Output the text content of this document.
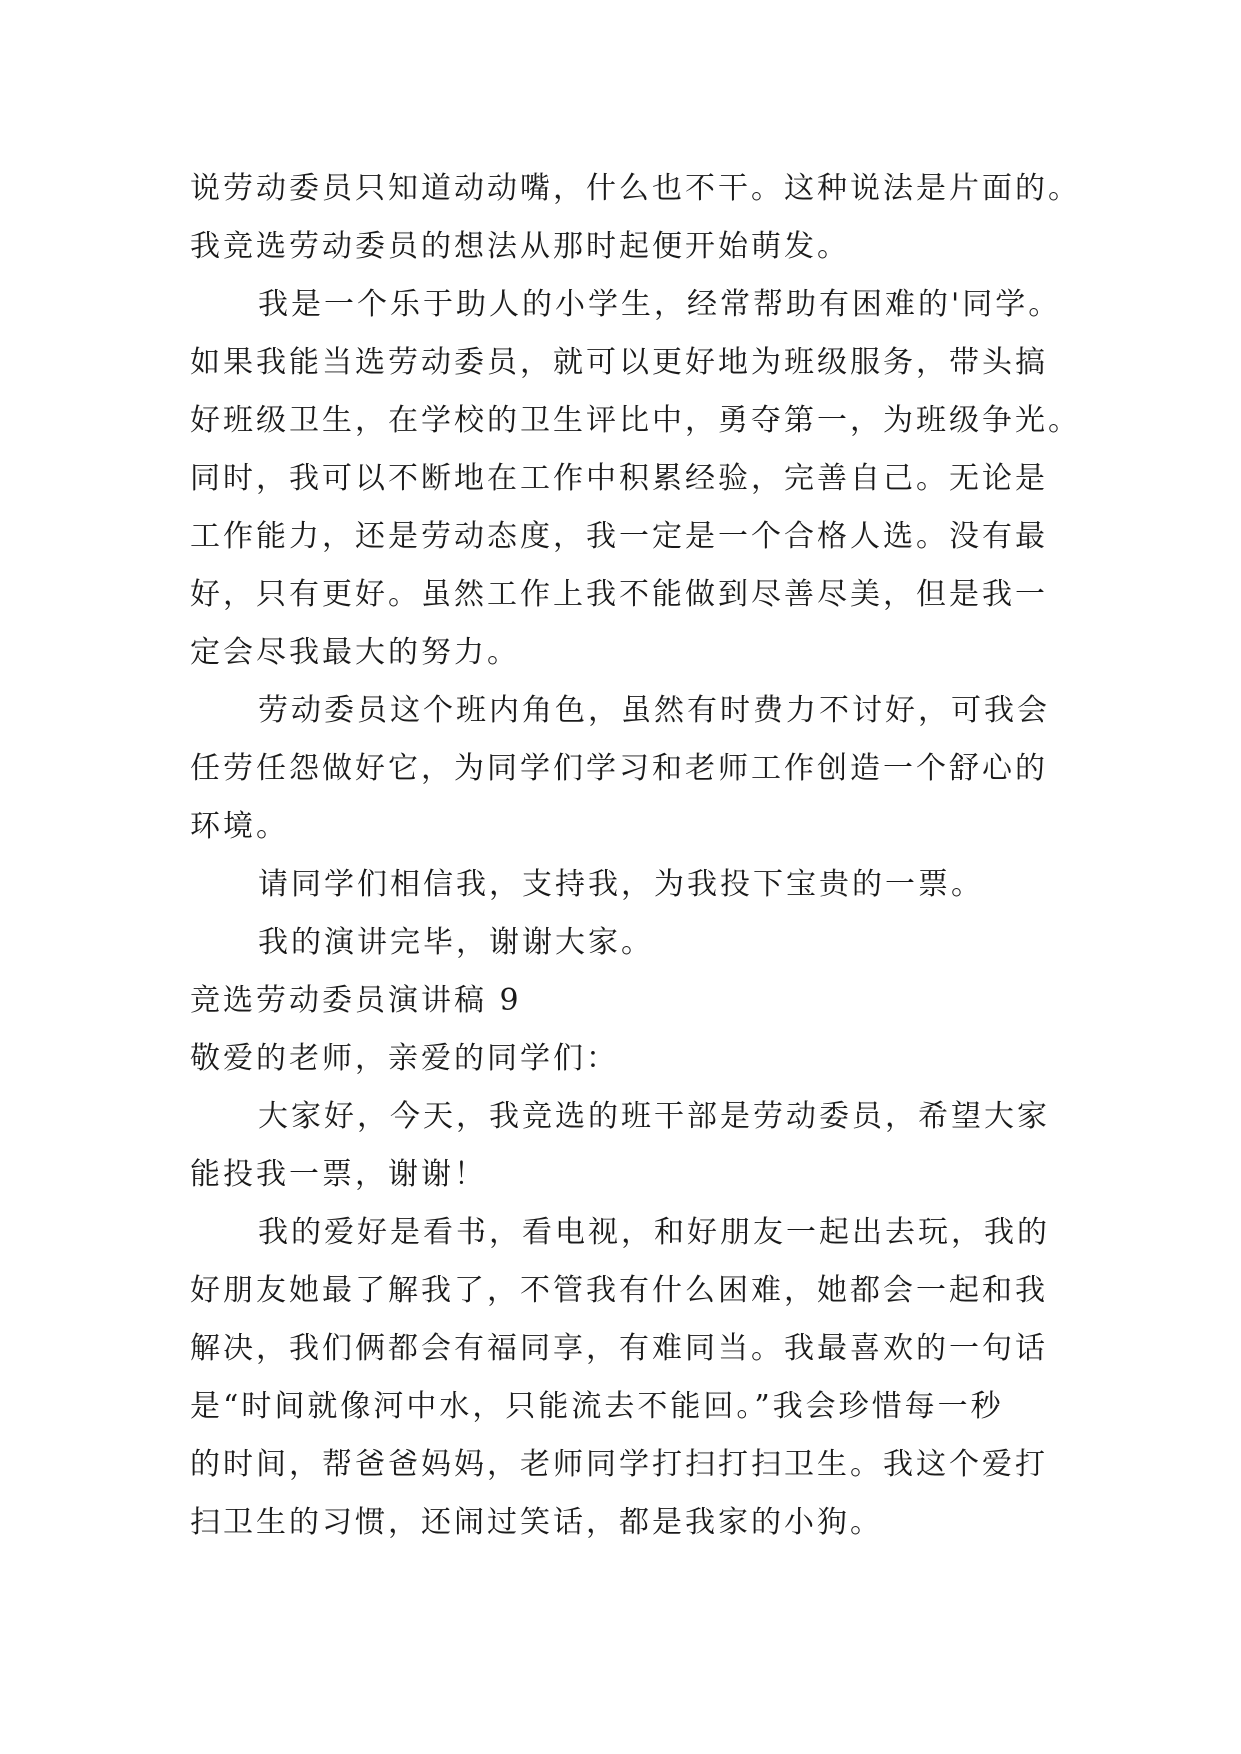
说劳动委员只知道动动嘴，什么也不干。这种说法是片面的。
我竞选劳动委员的想法从那时起便开始萌发。
我是一个乐于助人的小学生，经常帮助有困难的'同学。
如果我能当选劳动委员，就可以更好地为班级服务，带头搞
好班级卫生，在学校的卫生评比中，勇夺第一，为班级争光。
同时，我可以不断地在工作中积累经验，完善自己。无论是
工作能力，还是劳动态度，我一定是一个合格人选。没有最
好，只有更好。虽然工作上我不能做到尽善尽美，但是我一
定会尽我最大的努力。
劳动委员这个班内角色，虽然有时费力不讨好，可我会
任劳任怨做好它，为同学们学习和老师工作创造一个舒心的
环境。
请同学们相信我，支持我，为我投下宝贵的一票。
我的演讲完毕，谢谢大家。
竞选劳动委员演讲稿 9
敬爱的老师，亲爱的同学们：
大家好，今天，我竞选的班干部是劳动委员，希望大家
能投我一票，谢谢！
我的爱好是看书，看电视，和好朋友一起出去玩，我的
好朋友她最了解我了，不管我有什么困难，她都会一起和我
解决，我们俩都会有福同享，有难同当。我最喜欢的一句话
是“时间就像河中水，只能流去不能回。”我会珍惜每一秒
的时间，帮爸爸妈妈，老师同学打扫打扫卫生。我这个爱打
扫卫生的习惯，还闹过笑话，都是我家的小狗。
